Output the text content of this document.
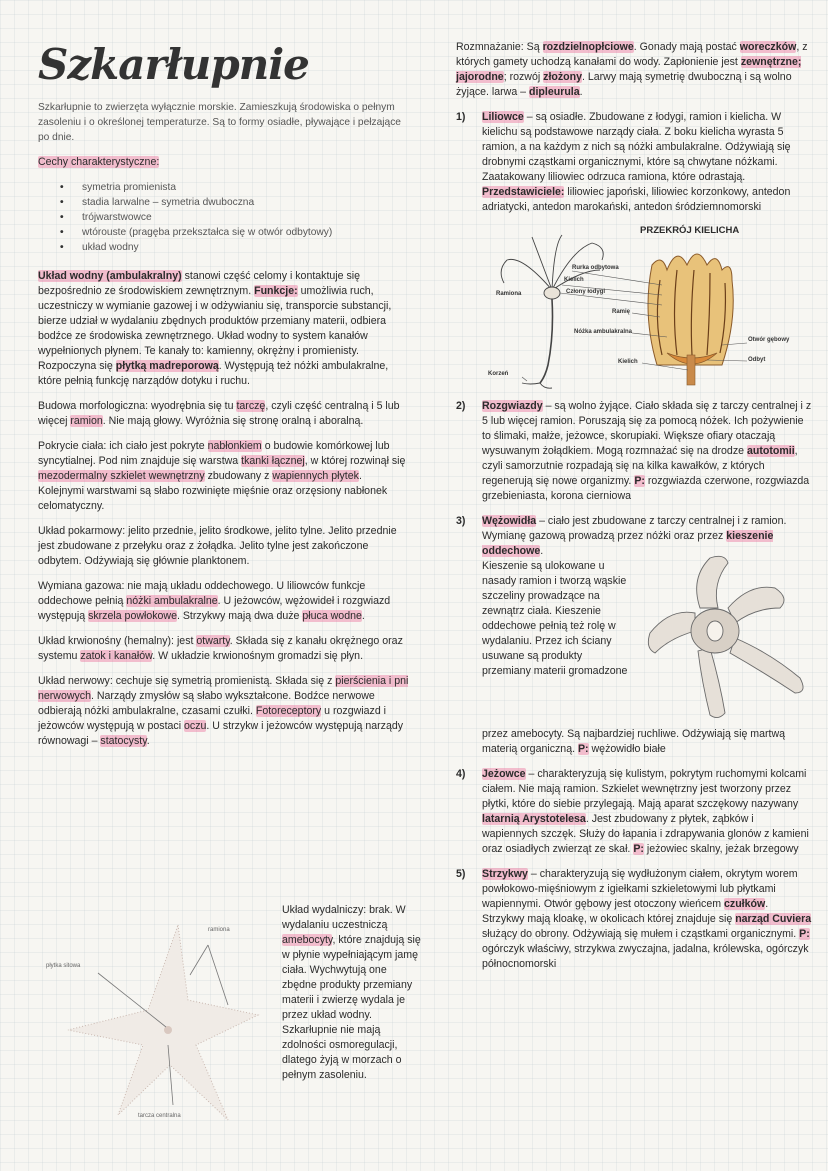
Szkarłupnie

Szkarłupnie to zwierzęta wyłącznie morskie. Zamieszkują środowiska o pełnym zasoleniu i o określonej temperaturze. Są to formy osiadłe, pływające i pełzające po dnie.

Cechy charakterystyczne:

• symetria promienista
• stadia larwalne – symetria dwuboczna
• trójwarstwowce
• wtórouste (pragęba przekształca się w otwór odbytowy)
• układ wodny

Układ wodny (ambulakralny) stanowi część celomy i kontaktuje się bezpośrednio ze środowiskiem zewnętrznym. Funkcje: umożliwia ruch, uczestniczy w wymianie gazowej i w odżywianiu się, transporcie substancji, bierze udział w wydalaniu zbędnych produktów przemiany materii, odbiera bodźce ze środowiska zewnętrznego. Układ wodny to system kanałów wypełnionych płynem. Te kanały to: kamienny, okrężny i promienisty. Rozpoczyna się płytką madreporową. Występują też nóżki ambulakralne, które pełnią funkcję narządów dotyku i ruchu.

Budowa morfologiczna: wyodrębnia się tu tarczę, czyli część centralną i 5 lub więcej ramion. Nie mają głowy. Wyróżnia się stronę oralną i aboralną.

Pokrycie ciała: ich ciało jest pokryte nabłonkiem o budowie komórkowej lub syncytialnej. Pod nim znajduje się warstwa tkanki łącznej, w której rozwinął się mezodermalny szkielet wewnętrzny zbudowany z wapiennych płytek. Kolejnymi warstwami są słabo rozwinięte mięśnie oraz orzęsiony nabłonek celomatyczny.

Układ pokarmowy: jelito przednie, jelito środkowe, jelito tylne. Jelito przednie jest zbudowane z przełyku oraz z żołądka. Jelito tylne jest zakończone odbytem. Odżywiają się głównie planktonem.

Wymiana gazowa: nie mają układu oddechowego. U liliowców funkcje oddechowe pełnią nóżki ambulakralne. U jeżowców, wężowideł i rozgwiazd występują skrzela powłokowe. Strzykwy mają dwa duże płuca wodne.

Układ krwionośny (hemalny): jest otwarty. Składa się z kanału okrężnego oraz systemu zatok i kanałów. W układzie krwionośnym gromadzi się płyn.

Układ nerwowy: cechuje się symetrią promienistą. Składa się z pierścienia i pni nerwowych. Narządy zmysłów są słabo wykształcone. Bodźce nerwowe odbierają nóżki ambulakralne, czasami czułki. Fotoreceptory u rozgwiazd i jeżowców występują w postaci oczu. U strzykw i jeżowców występują narządy równowagi – statocysty.

ramiona
płytka sitowa
tarcza centralna

Układ wydalniczy: brak. W wydalaniu uczestniczą amebocyty, które znajdują się w płynie wypełniającym jamę ciała. Wychwytują one zbędne produkty przemiany materii i zwierzę wydala je przez układ wodny. Szkarłupnie nie mają zdolności osmoregulacji, dlatego żyją w morzach o pełnym zasoleniu.

Rozmnażanie: Są rozdzielnopłciowe. Gonady mają postać woreczków, z których gamety uchodzą kanałami do wody. Zapłonienie jest zewnętrzne; jajorodne; rozwój złożony. Larwy mają symetrię dwuboczną i są wolno żyjące. larwa – dipleurula.

1) Liliowce – są osiadłe. Zbudowane z łodygi, ramion i kielicha. W kielichu są podstawowe narządy ciała. Z boku kielicha wyrasta 5 ramion, a na każdym z nich są nóżki ambulakralne. Odżywiają się drobnymi cząstkami organicznymi, które są chwytane nóżkami. Zaatakowany liliowiec odrzuca ramiona, które odrastają. Przedstawiciele: liliowiec japoński, liliowiec korzonkowy, antedon adriatycki, antedon marokański, antedon śródziemnomorski
PRZEKRÓJ KIELICHA
Rurka odbytowa
Kielich
Ramiona	Człony łodygi
Ramię
Nóżka ambulakralna
Otwór gębowy
Kielich	Odbyt
Korzeń
2) Rozgwiazdy – są wolno żyjące. Ciało składa się z tarczy centralnej i z 5 lub więcej ramion. Poruszają się za pomocą nóżek. Ich pożywienie to ślimaki, małże, jeżowce, skorupiaki. Większe ofiary otaczają wysuwanym żołądkiem. Mogą rozmnażać się na drodze autotomii, czyli samorzutnie rozpadają się na kilka kawałków, z których regenerują się nowe organizmy. P: rozgwiazda czerwone, rozgwiazda grzebieniasta, korona cierniowa
3) Wężowidła – ciało jest zbudowane z tarczy centralnej i z ramion. Wymianę gazową prowadzą przez nóżki oraz przez kieszenie oddechowe.
Kieszenie są ulokowane u nasady ramion i tworzą wąskie szczeliny prowadzące na zewnątrz ciała. Kieszenie oddechowe pełnią też rolę w wydalaniu. Przez ich ściany usuwane są produkty przemiany materii gromadzone
przez amebocyty. Są najbardziej ruchliwe. Odżywiają się martwą materią organiczną. P: wężowidło białe
4) Jeżowce – charakteryzują się kulistym, pokrytym ruchomymi kolcami ciałem. Nie mają ramion. Szkielet wewnętrzny jest tworzony przez płytki, które do siebie przylegają. Mają aparat szczękowy nazywany latarnią Arystotelesa. Jest zbudowany z płytek, ząbków i wapiennych szczęk. Służy do łapania i zdrapywania glonów z kamieni oraz osiadłych zwierząt ze skał. P: jeżowiec skalny, jeżak brzegowy
5) Strzykwy – charakteryzują się wydłużonym ciałem, okrytym worem powłokowo-mięśniowym z igiełkami szkieletowymi lub płytkami wapiennymi. Otwór gębowy jest otoczony wieńcem czułków. Strzykwy mają kloakę, w okolicach której znajduje się narząd Cuviera służący do obrony. Odżywiają się mułem i cząstkami organicznymi. P: ogórczyk właściwy, strzykwa zwyczajna, jadalna, królewska, ogórczyk północnomorski
